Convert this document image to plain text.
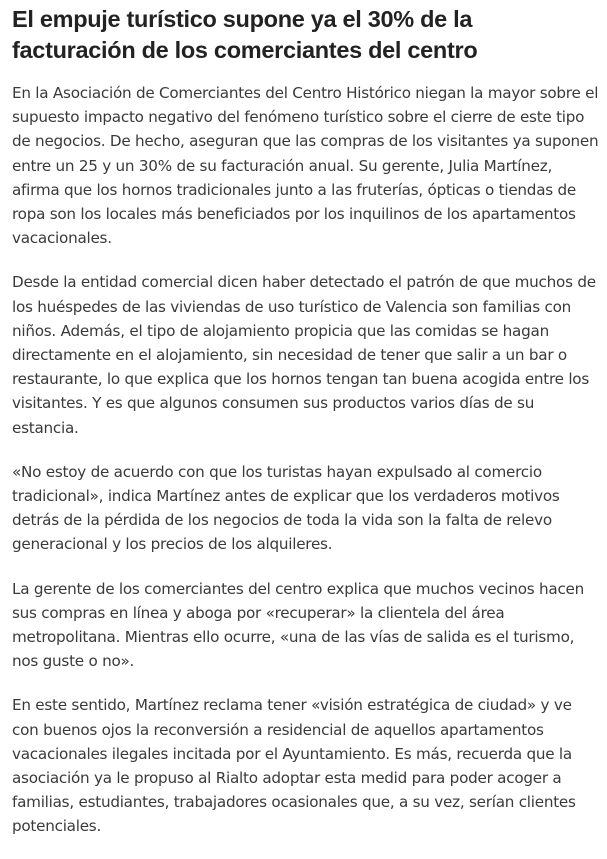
El empuje turístico supone ya el 30% de la facturación de los comerciantes del centro

En la Asociación de Comerciantes del Centro Histórico niegan la mayor sobre el supuesto impacto negativo del fenómeno turístico sobre el cierre de este tipo de negocios. De hecho, aseguran que las compras de los visitantes ya suponen entre un 25 y un 30% de su facturación anual. Su gerente, Julia Martínez, afirma que los hornos tradicionales junto a las fruterías, ópticas o tiendas de ropa son los locales más beneficiados por los inquilinos de los apartamentos vacacionales.

Desde la entidad comercial dicen haber detectado el patrón de que muchos de los huéspedes de las viviendas de uso turístico de Valencia son familias con niños. Además, el tipo de alojamiento propicia que las comidas se hagan directamente en el alojamiento, sin necesidad de tener que salir a un bar o restaurante, lo que explica que los hornos tengan tan buena acogida entre los visitantes. Y es que algunos consumen sus productos varios días de su estancia.

«No estoy de acuerdo con que los turistas hayan expulsado al comercio tradicional», indica Martínez antes de explicar que los verdaderos motivos detrás de la pérdida de los negocios de toda la vida son la falta de relevo generacional y los precios de los alquileres.

La gerente de los comerciantes del centro explica que muchos vecinos hacen sus compras en línea y aboga por «recuperar» la clientela del área metropolitana. Mientras ello ocurre, «una de las vías de salida es el turismo, nos guste o no».

En este sentido, Martínez reclama tener «visión estratégica de ciudad» y ve con buenos ojos la reconversión a residencial de aquellos apartamentos vacacionales ilegales incitada por el Ayuntamiento. Es más, recuerda que la asociación ya le propuso al Rialto adoptar esta medid para poder acoger a familias, estudiantes, trabajadores ocasionales que, a su vez, serían clientes potenciales.
